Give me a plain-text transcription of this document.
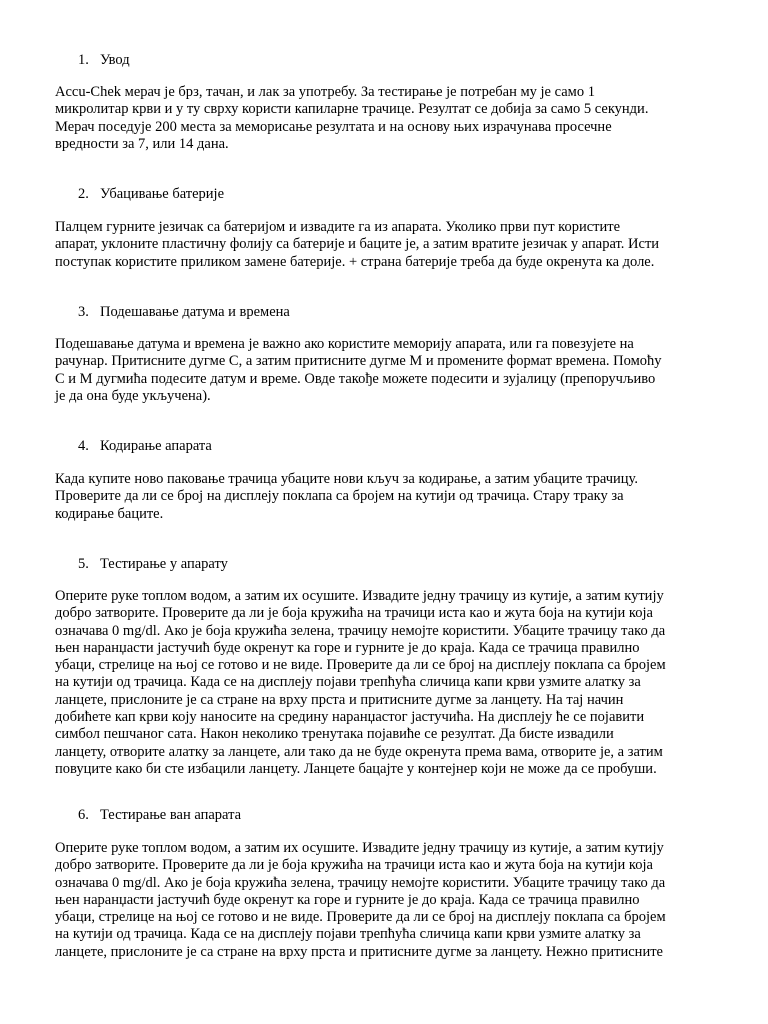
1. Увод
Accu-Chek мерач је брз, тачан, и лак за употребу. За тестирање је потребан му је само 1
микролитар крви и у ту сврху користи капиларне трачице. Резултат се добија за само 5 секунди.
Мерач поседује 200 места за меморисање резултата и на основу њих израчунава просечне
вредности за 7, или 14 дана.
2. Убацивање батерије
Палцем гурните језичак са батеријом и извадите га из апарата. Уколико први пут користите
апарат, уклоните пластичну фолију са батерије и баците је, а затим вратите језичак у апарат. Исти
поступак користите приликом замене батерије. + страна батерије треба да буде окренута ка доле.
3. Подешавање датума и времена
Подешавање датума и времена је важно ако користите меморију апарата, или га повезујете на
рачунар. Притисните дугме C, а затим притисните дугме M и промените формат времена. Помоћу
C и M дугмића подесите датум и време. Овде такође можете подесити и зујалицу (препоручљиво
је да она буде укључена).
4. Кодирање апарата
Када купите ново паковање трачица убаците нови кључ за кодирање, а затим убаците трачицу.
Проверите да ли се број на дисплеју поклапа са бројем на кутији од трачица. Стару траку за
кодирање баците.
5. Тестирање у апарату
Оперите руке топлом водом, а затим их осушите. Извадите једну трачицу из кутије, а затим кутију
добро затворите. Проверите да ли је боја кружића на трачици иста као и жута боја на кутији која
означава 0 mg/dl. Ако је боја кружића зелена, трачицу немојте користити. Убаците трачицу тако да
њен наранџасти јастучић буде окренут ка горе и гурните је до краја. Када се трачица правилно
убаци, стрелице на њој се готово и не виде. Проверите да ли се број на дисплеју поклапа са бројем
на кутији од трачица. Када се на дисплеју појави трепћућа сличица капи крви узмите алатку за
ланцете, прислоните је са стране на врху прста и притисните дугме за ланцету. На тај начин
добићете кап крви коју наносите на средину наранџастог јастучића. На дисплеју ће се појавити
симбол пешчаног сата. Након неколико тренутака појавиће се резултат. Да бисте извадили
ланцету, отворите алатку за ланцете, али тако да не буде окренута према вама, отворите је, а затим
повуците како би сте избацили ланцету. Ланцете бацајте у контејнер који не може да се пробуши.
6. Тестирање ван апарата
Оперите руке топлом водом, а затим их осушите. Извадите једну трачицу из кутије, а затим кутију
добро затворите. Проверите да ли је боја кружића на трачици иста као и жута боја на кутији која
означава 0 mg/dl. Ако је боја кружића зелена, трачицу немојте користити. Убаците трачицу тако да
њен наранџасти јастучић буде окренут ка горе и гурните је до краја. Када се трачица правилно
убаци, стрелице на њој се готово и не виде. Проверите да ли се број на дисплеју поклапа са бројем
на кутији од трачица. Када се на дисплеју појави трепћућа сличица капи крви узмите алатку за
ланцете, прислоните је са стране на врху прста и притисните дугме за ланцету. Нежно притисните
